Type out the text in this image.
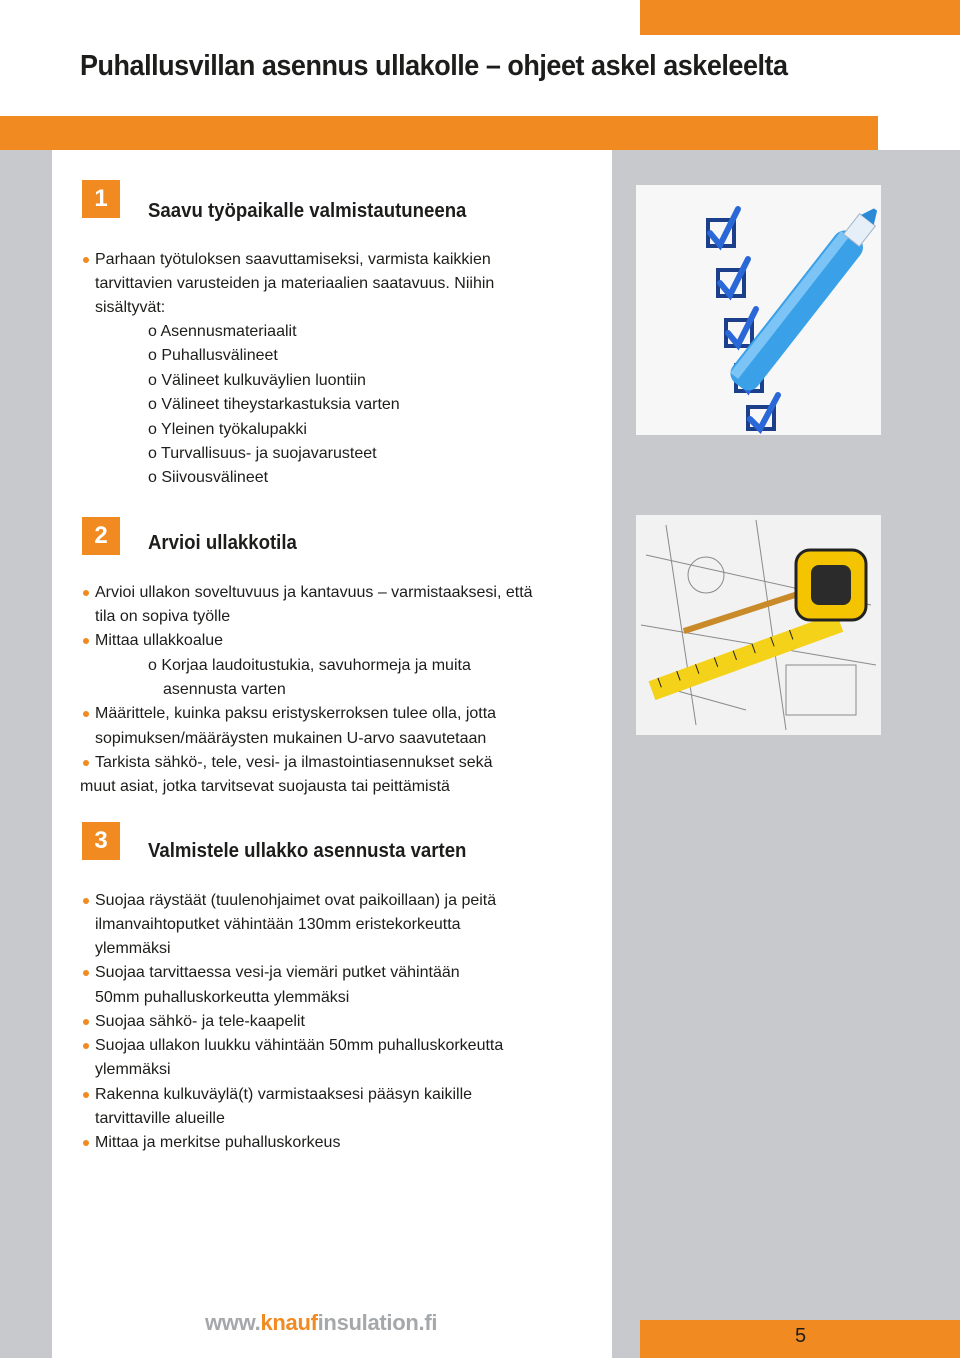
Puhallusvillan asennus ullakolle – ohjeet askel askeleelta
1	Saavu työpaikalle valmistautuneena
Parhaan työtuloksen saavuttamiseksi, varmista kaikkien
tarvittavien varusteiden ja materiaalien saatavuus. Niihin
sisältyvät:
o Asennusmateriaalit
o Puhallusvälineet
o Välineet kulkuväylien luontiin
o Välineet tiheystarkastuksia varten
o Yleinen työkalupakki
o Turvallisuus- ja suojavarusteet
o Siivousvälineet
2	Arvioi ullakkotila
Arvioi ullakon soveltuvuus ja kantavuus – varmistaaksesi, että
tila on sopiva työlle
Mittaa ullakkoalue
o Korjaa laudoitustukia, savuhormeja ja muita
asennusta varten
Määrittele, kuinka paksu eristyskerroksen tulee olla, jotta
sopimuksen/määräysten mukainen U-arvo saavutetaan
Tarkista sähkö-, tele, vesi- ja ilmastointiasennukset sekä
muut asiat, jotka tarvitsevat suojausta tai peittämistä
3	Valmistele ullakko asennusta varten
Suojaa räystäät (tuulenohjaimet ovat paikoillaan) ja peitä
ilmanvaihtoputket vähintään 130mm eristekorkeutta
ylemmäksi
Suojaa tarvittaessa vesi-ja viemäri putket vähintään
50mm puhalluskorkeutta ylemmäksi
Suojaa sähkö- ja tele-kaapelit
Suojaa ullakon luukku vähintään 50mm puhalluskorkeutta
ylemmäksi
Rakenna kulkuväylä(t) varmistaaksesi pääsyn kaikille
tarvittaville alueille
Mittaa ja merkitse puhalluskorkeus
www.knaufinsulation.fi
5
